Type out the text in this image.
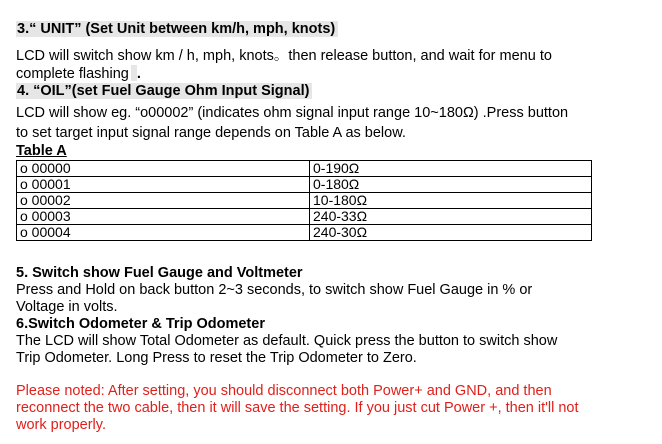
3.“ UNIT” (Set Unit between km/h, mph, knots)
LCD will switch show km / h, mph, knots。then release button, and wait for menu to
complete flashing .
4. “OIL”(set Fuel Gauge Ohm Input Signal)
LCD will show eg. “o00002” (indicates ohm signal input range 10~180Ω) .Press button
to set target input signal range depends on Table A as below.
Table A
o 00000	0-190Ω
o 00001	0-180Ω
o 00002	10-180Ω
o 00003	240-33Ω
o 00004	240-30Ω
5. Switch show Fuel Gauge and Voltmeter
Press and Hold on back button 2~3 seconds, to switch show Fuel Gauge in % or
Voltage in volts.
6.Switch Odometer & Trip Odometer
The LCD will show Total Odometer as default. Quick press the button to switch show
Trip Odometer. Long Press to reset the Trip Odometer to Zero.
Please noted: After setting, you should disconnect both Power+ and GND, and then
reconnect the two cable, then it will save the setting. If you just cut Power +, then it'll not
work properly.
